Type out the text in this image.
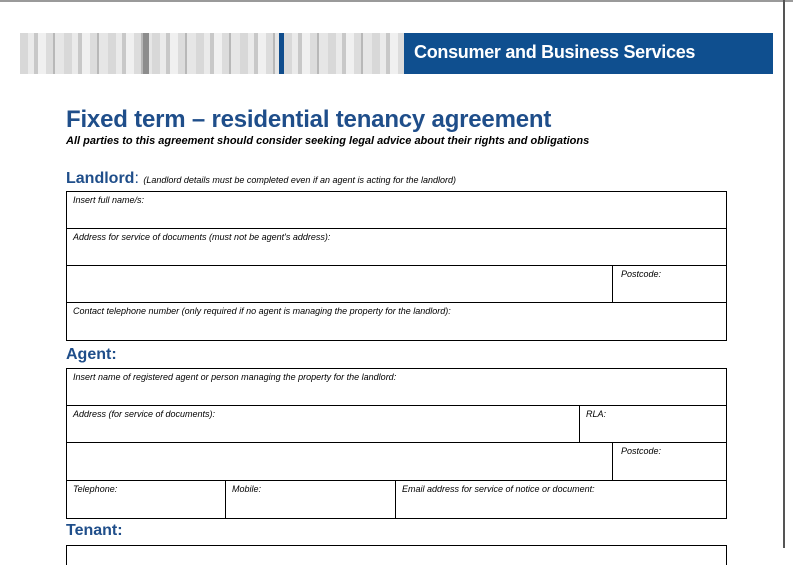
Consumer and Business Services
Fixed term – residential tenancy agreement
All parties to this agreement should consider seeking legal advice about their rights and obligations
Landlord: (Landlord details must be completed even if an agent is acting for the landlord)
Insert full name/s:
Address for service of documents (must not be agent's address):
Postcode:
Contact telephone number (only required if no agent is managing the property for the landlord):
Agent:
Insert name of registered agent or person managing the property for the landlord:
Address (for service of documents):	RLA:
Postcode:
Telephone:	Mobile:	Email address for service of notice or document:
Tenant:
